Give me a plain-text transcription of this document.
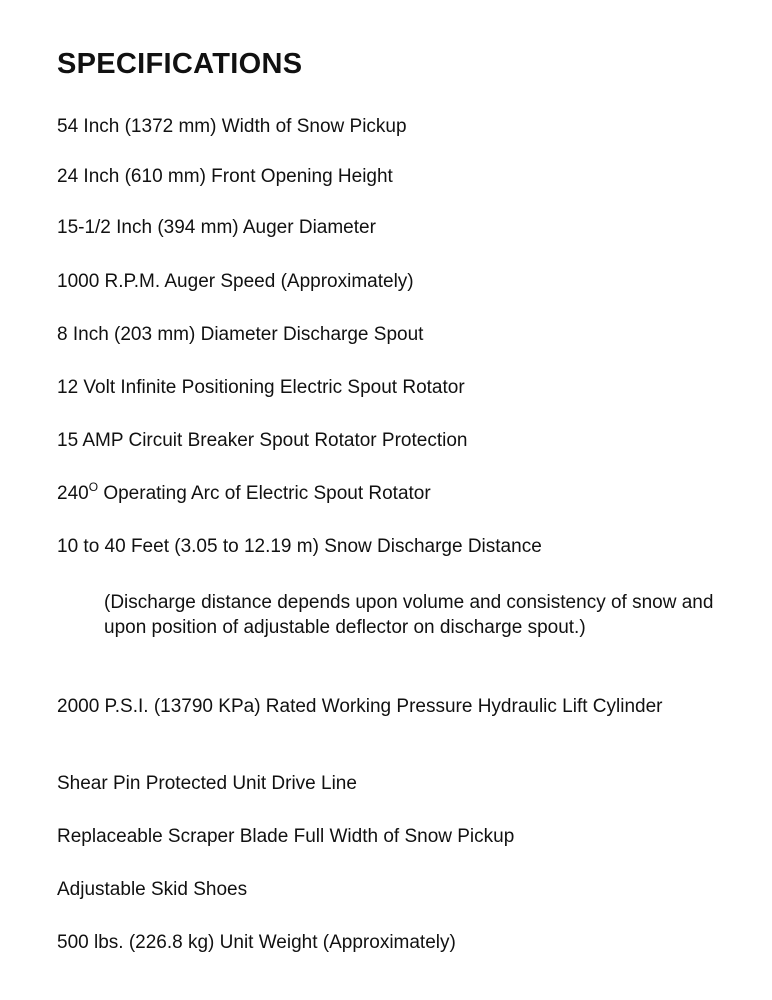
SPECIFICATIONS

54 Inch (1372 mm) Width of Snow Pickup

24 Inch (610 mm) Front Opening Height

15-1/2 Inch (394 mm) Auger Diameter

1000 R.P.M. Auger Speed (Approximately)

8 Inch (203 mm) Diameter Discharge Spout

12 Volt Infinite Positioning Electric Spout Rotator

15 AMP Circuit Breaker Spout Rotator Protection

$240^O$ Operating Arc of Electric Spout Rotator

10 to 40 Feet (3.05 to 12.19 m) Snow Discharge Distance

(Discharge distance depends upon volume and consistency of snow and upon position of adjustable deflector on discharge spout.)

2000 P.S.I. (13790 KPa) Rated Working Pressure Hydraulic Lift Cylinder

Shear Pin Protected Unit Drive Line

Replaceable Scraper Blade Full Width of Snow Pickup

Adjustable Skid Shoes

500 lbs. (226.8 kg) Unit Weight (Approximately)
